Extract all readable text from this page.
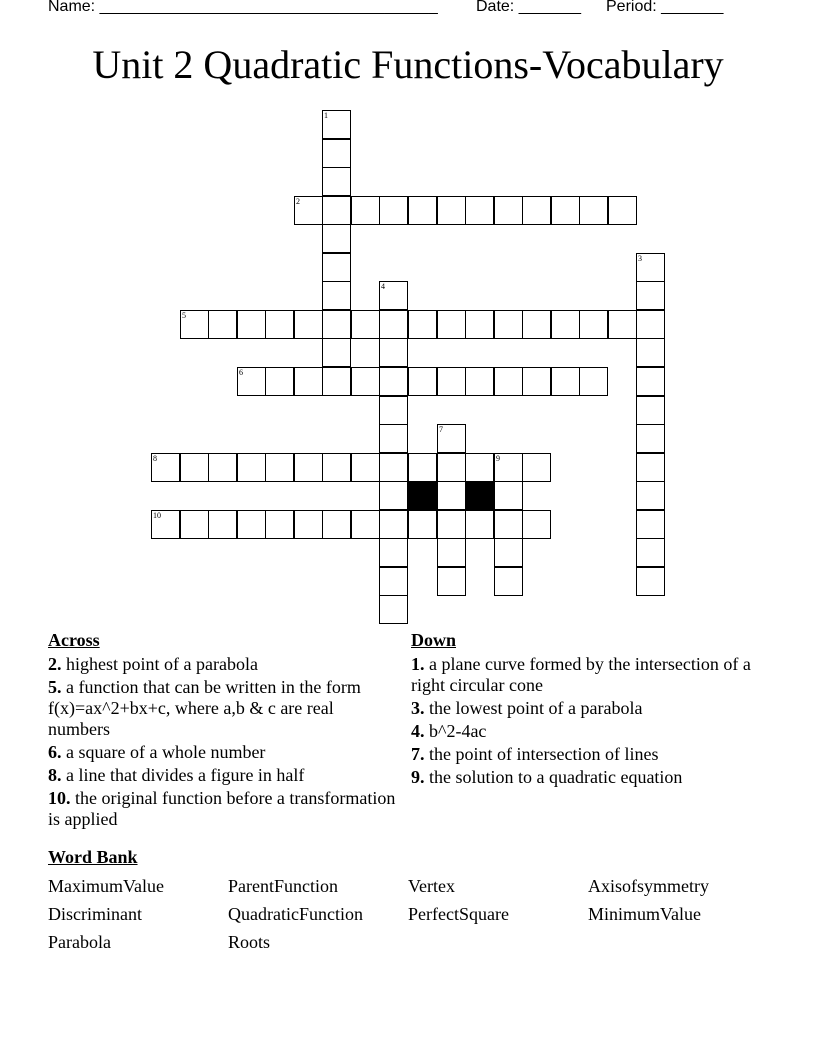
Name: ______________________________________

Date: _______

Period: _______

Unit 2 Quadratic Functions-Vocabulary
1
2
3
4
5
6
7
8	9
10
Across
2. highest point of a parabola
5. a function that can be written in the form f(x)=ax^2+bx+c, where a,b & c are real numbers
6. a square of a whole number
8. a line that divides a figure in half
10. the original function before a transformation is applied
Down
1. a plane curve formed by the intersection of a right circular cone
3. the lowest point of a parabola
4. b^2-4ac
7. the point of intersection of lines
9. the solution to a quadratic equation
Word Bank
MaximumValue	ParentFunction	Vertex	Axisofsymmetry
Discriminant	QuadraticFunction	PerfectSquare	MinimumValue
Parabola	Roots
